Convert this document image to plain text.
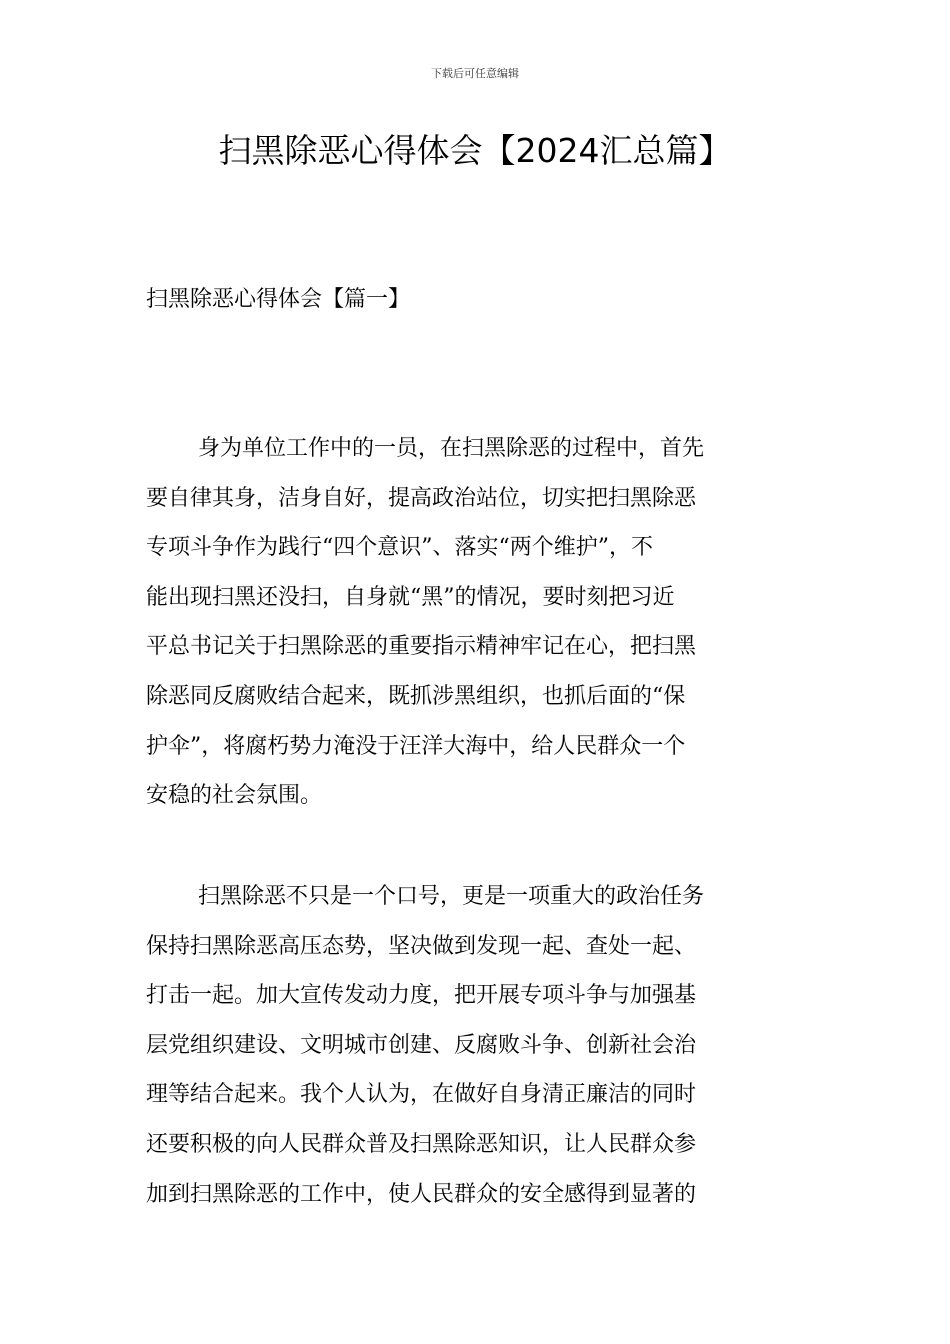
下载后可任意编辑
扫黑除恶心得体会【2024汇总篇】
扫黑除恶心得体会【篇一】

身为单位工作中的一员，在扫黑除恶的过程中，首先
要自律其身，洁身自好，提高政治站位，切实把扫黑除恶
专项斗争作为践行“四个意识”、落实“两个维护”，不
能出现扫黑还没扫，自身就“黑”的情况，要时刻把习近
平总书记关于扫黑除恶的重要指示精神牢记在心，把扫黑
除恶同反腐败结合起来，既抓涉黑组织，也抓后面的“保
护伞”，将腐朽势力淹没于汪洋大海中，给人民群众一个
安稳的社会氛围。

扫黑除恶不只是一个口号，更是一项重大的政治任务
保持扫黑除恶高压态势，坚决做到发现一起、查处一起、
打击一起。加大宣传发动力度，把开展专项斗争与加强基
层党组织建设、文明城市创建、反腐败斗争、创新社会治
理等结合起来。我个人认为，在做好自身清正廉洁的同时
还要积极的向人民群众普及扫黑除恶知识，让人民群众参
加到扫黑除恶的工作中，使人民群众的安全感得到显著的
